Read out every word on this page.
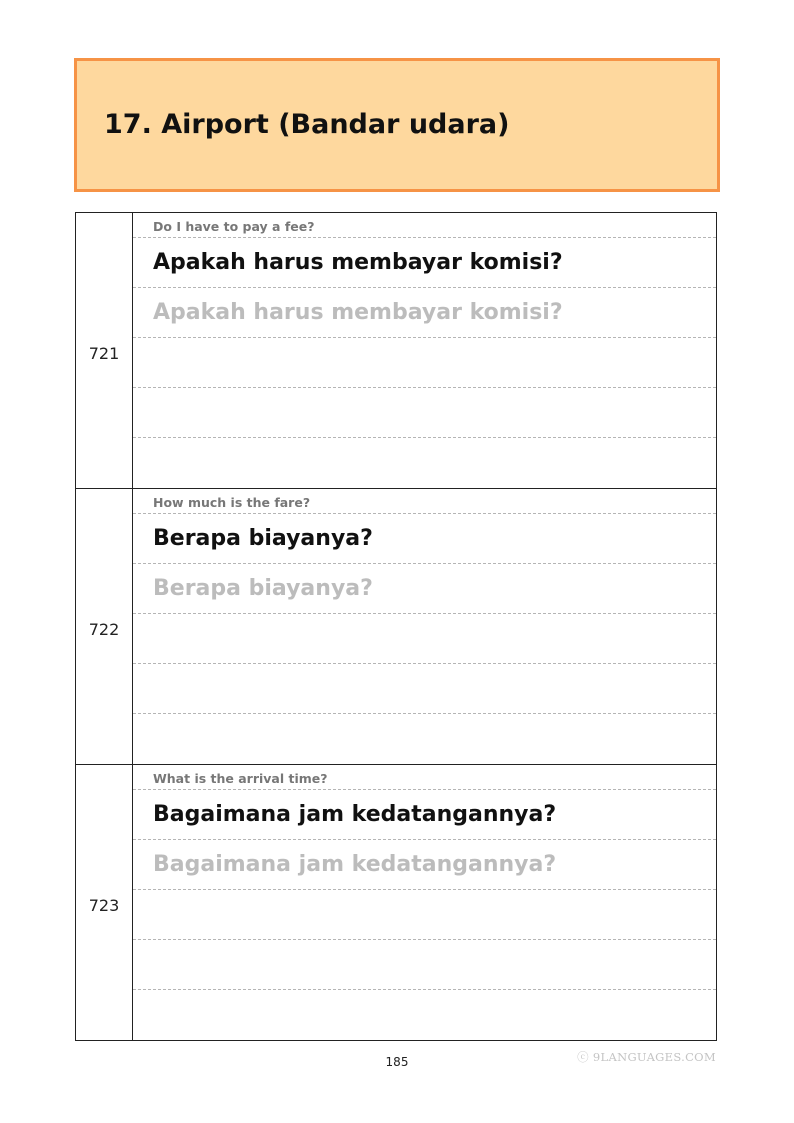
17. Airport (Bandar udara)
721
Do I have to pay a fee?
Apakah harus membayar komisi?
Apakah harus membayar komisi?
722
How much is the fare?
Berapa biayanya?
Berapa biayanya?
723
What is the arrival time?
Bagaimana jam kedatangannya?
Bagaimana jam kedatangannya?
185	ⓒ 9LANGUAGES.COM
